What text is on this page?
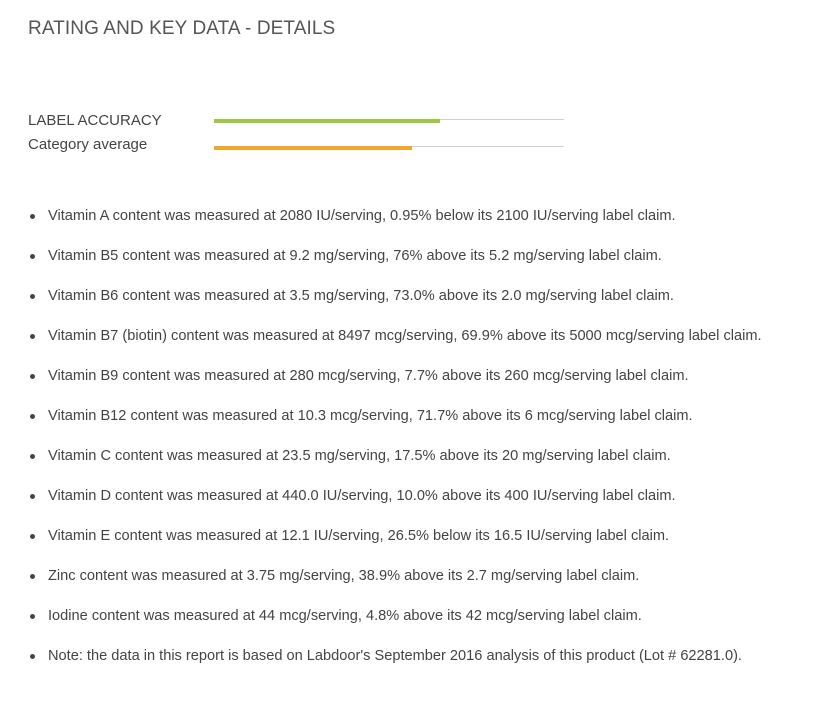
RATING AND KEY DATA - DETAILS
LABEL ACCURACY
Category average
Vitamin A content was measured at 2080 IU/serving, 0.95% below its 2100 IU/serving label claim.
Vitamin B5 content was measured at 9.2 mg/serving, 76% above its 5.2 mg/serving label claim.
Vitamin B6 content was measured at 3.5 mg/serving, 73.0% above its 2.0 mg/serving label claim.
Vitamin B7 (biotin) content was measured at 8497 mcg/serving, 69.9% above its 5000 mcg/serving label claim.
Vitamin B9 content was measured at 280 mcg/serving, 7.7% above its 260 mcg/serving label claim.
Vitamin B12 content was measured at 10.3 mcg/serving, 71.7% above its 6 mcg/serving label claim.
Vitamin C content was measured at 23.5 mg/serving, 17.5% above its 20 mg/serving label claim.
Vitamin D content was measured at 440.0 IU/serving, 10.0% above its 400 IU/serving label claim.
Vitamin E content was measured at 12.1 IU/serving, 26.5% below its 16.5 IU/serving label claim.
Zinc content was measured at 3.75 mg/serving, 38.9% above its 2.7 mg/serving label claim.
Iodine content was measured at 44 mcg/serving, 4.8% above its 42 mcg/serving label claim.
Note: the data in this report is based on Labdoor's September 2016 analysis of this product (Lot # 62281.0).
